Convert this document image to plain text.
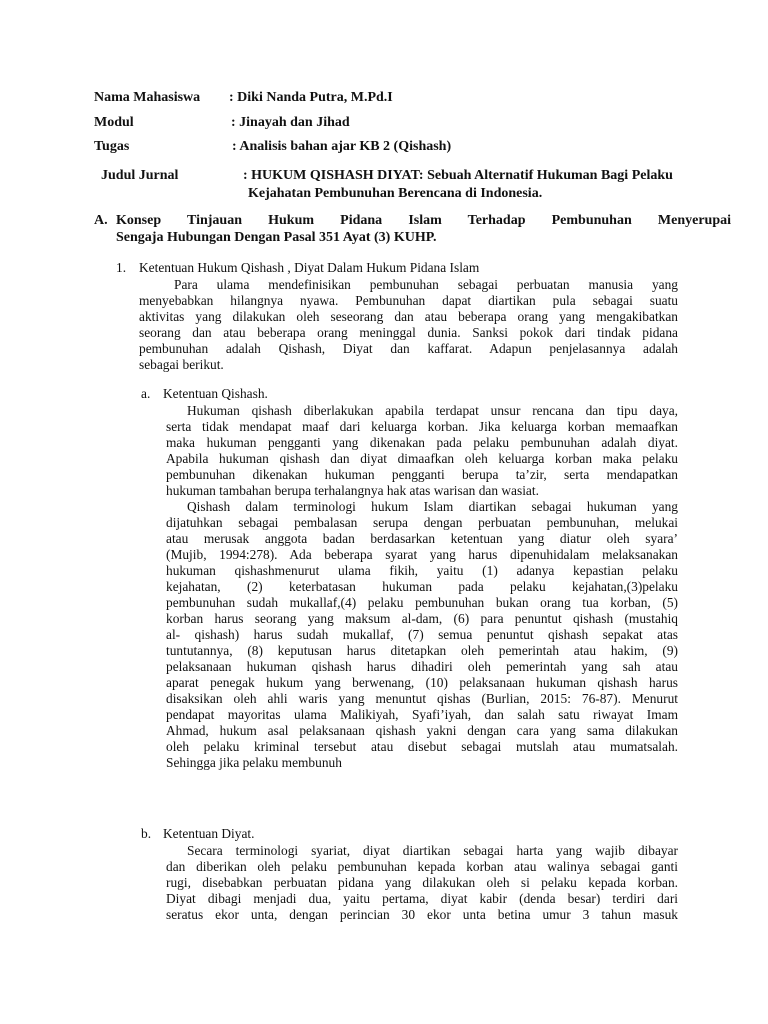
Nama Mahasiswa : Diki Nanda Putra, M.Pd.I
Modul	: Jinayah dan Jihad
Tugas	: Analisis bahan ajar KB 2 (Qishash)
Judul Jurnal	: HUKUM QISHASH DIYAT: Sebuah Alternatif Hukuman Bagi Pelaku
Kejahatan Pembunuhan Berencana di Indonesia.
A. Konsep Tinjauan Hukum Pidana Islam Terhadap Pembunuhan Menyerupai
Sengaja Hubungan Dengan Pasal 351 Ayat (3) KUHP.
1. Ketentuan Hukum Qishash , Diyat Dalam Hukum Pidana Islam
Para ulama mendefinisikan pembunuhan sebagai perbuatan manusia yang
menyebabkan hilangnya nyawa. Pembunuhan dapat diartikan pula sebagai suatu
aktivitas yang dilakukan oleh seseorang dan atau beberapa orang yang mengakibatkan
seorang dan atau beberapa orang meninggal dunia. Sanksi pokok dari tindak pidana
pembunuhan adalah Qishash, Diyat dan kaffarat. Adapun penjelasannya adalah
sebagai berikut.
a. Ketentuan Qishash.
Hukuman qishash diberlakukan apabila terdapat unsur rencana dan tipu daya,
serta tidak mendapat maaf dari keluarga korban. Jika keluarga korban memaafkan
maka hukuman pengganti yang dikenakan pada pelaku pembunuhan adalah diyat.
Apabila hukuman qishash dan diyat dimaafkan oleh keluarga korban maka pelaku
pembunuhan dikenakan hukuman pengganti berupa ta’zir, serta mendapatkan
hukuman tambahan berupa terhalangnya hak atas warisan dan wasiat.
Qishash dalam terminologi hukum Islam diartikan sebagai hukuman yang
dijatuhkan sebagai pembalasan serupa dengan perbuatan pembunuhan, melukai
atau merusak anggota badan berdasarkan ketentuan yang diatur oleh syara’
(Mujib, 1994:278). Ada beberapa syarat yang harus dipenuhidalam melaksanakan
hukuman qishashmenurut ulama fikih, yaitu (1) adanya kepastian pelaku
kejahatan, (2) keterbatasan hukuman pada pelaku kejahatan,(3)pelaku
pembunuhan sudah mukallaf,(4) pelaku pembunuhan bukan orang tua korban, (5)
korban harus seorang yang maksum al-dam, (6) para penuntut qishash (mustahiq
al- qishash) harus sudah mukallaf, (7) semua penuntut qishash sepakat atas
tuntutannya, (8) keputusan harus ditetapkan oleh pemerintah atau hakim, (9)
pelaksanaan hukuman qishash harus dihadiri oleh pemerintah yang sah atau
aparat penegak hukum yang berwenang, (10) pelaksanaan hukuman qishash harus
disaksikan oleh ahli waris yang menuntut qishas (Burlian, 2015: 76-87). Menurut
pendapat mayoritas ulama Malikiyah, Syafi’iyah, dan salah satu riwayat Imam
Ahmad, hukum asal pelaksanaan qishash yakni dengan cara yang sama dilakukan
oleh pelaku kriminal tersebut atau disebut sebagai mutslah atau mumatsalah.
Sehingga jika pelaku membunuh
b. Ketentuan Diyat.
Secara terminologi syariat, diyat diartikan sebagai harta yang wajib dibayar
dan diberikan oleh pelaku pembunuhan kepada korban atau walinya sebagai ganti
rugi, disebabkan perbuatan pidana yang dilakukan oleh si pelaku kepada korban.
Diyat dibagi menjadi dua, yaitu pertama, diyat kabir (denda besar) terdiri dari
seratus ekor unta, dengan perincian 30 ekor unta betina umur 3 tahun masuk
